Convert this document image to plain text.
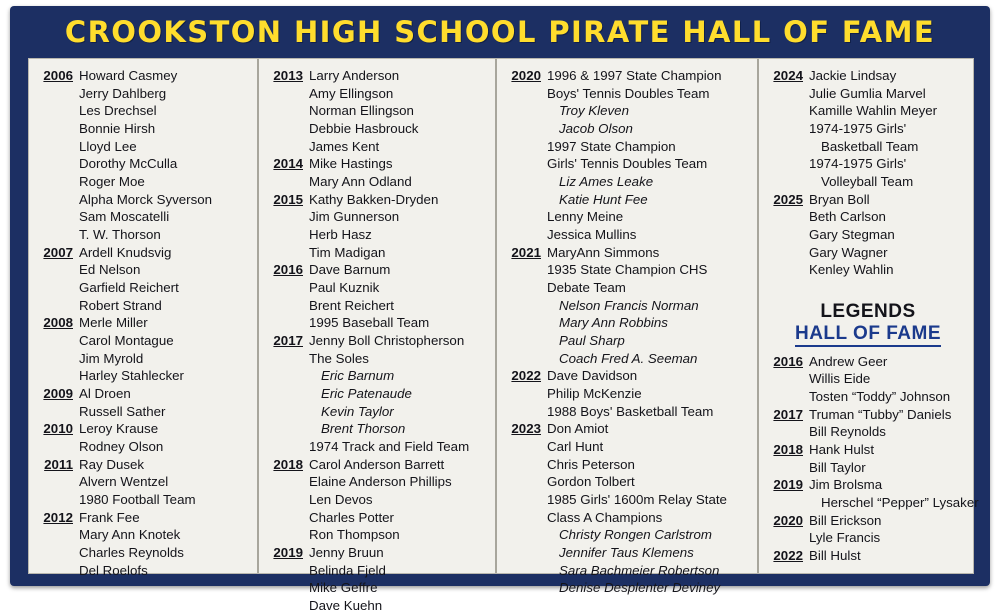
CROOKSTON HIGH SCHOOL PIRATE HALL OF FAME
2006 Howard Casmey
Jerry Dahlberg
Les Drechsel
Bonnie Hirsh
Lloyd Lee
Dorothy McCulla
Roger Moe
Alpha Morck Syverson
Sam Moscatelli
T. W. Thorson
2007 Ardell Knudsvig
Ed Nelson
Garfield Reichert
Robert Strand
2008 Merle Miller
Carol Montague
Jim Myrold
Harley Stahlecker
2009 Al Droen
Russell Sather
2010 Leroy Krause
Rodney Olson
2011 Ray Dusek
Alvern Wentzel
1980 Football Team
2012 Frank Fee
Mary Ann Knotek
Charles Reynolds
Del Roelofs
2013 Larry Anderson
Amy Ellingson
Norman Ellingson
Debbie Hasbrouck
James Kent
2014 Mike Hastings
Mary Ann Odland
2015 Kathy Bakken-Dryden
Jim Gunnerson
Herb Hasz
Tim Madigan
2016 Dave Barnum
Paul Kuznik
Brent Reichert
1995 Baseball Team
2017 Jenny Boll Christopherson
The Soles
Eric Barnum
Eric Patenaude
Kevin Taylor
Brent Thorson
1974 Track and Field Team
2018 Carol Anderson Barrett
Elaine Anderson Phillips
Len Devos
Charles Potter
Ron Thompson
2019 Jenny Bruun
Belinda Fjeld
Mike Geffre
Dave Kuehn
2020 1996 & 1997 State Champion
Boys' Tennis Doubles Team
Troy Kleven
Jacob Olson
1997 State Champion
Girls' Tennis Doubles Team
Liz Ames Leake
Katie Hunt Fee
Lenny Meine
Jessica Mullins
2021 MaryAnn Simmons
1935 State Champion CHS
Debate Team
Nelson Francis Norman
Mary Ann Robbins
Paul Sharp
Coach Fred A. Seeman
2022 Dave Davidson
Philip McKenzie
1988 Boys' Basketball Team
2023 Don Amiot
Carl Hunt
Chris Peterson
Gordon Tolbert
1985 Girls' 1600m Relay State
Class A Champions
Christy Rongen Carlstrom
Jennifer Taus Klemens
Sara Bachmeier Robertson
Denise Desplenter Deviney
2024 Jackie Lindsay
Julie Gumlia Marvel
Kamille Wahlin Meyer
1974-1975 Girls'
Basketball Team
1974-1975 Girls'
Volleyball Team
2025 Bryan Boll
Beth Carlson
Gary Stegman
Gary Wagner
Kenley Wahlin
LEGENDS
HALL OF FAME
2016 Andrew Geer
Willis Eide
Tosten “Toddy” Johnson
2017 Truman “Tubby” Daniels
Bill Reynolds
2018 Hank Hulst
Bill Taylor
2019 Jim Brolsma
Herschel “Pepper” Lysaker
2020 Bill Erickson
Lyle Francis
2022 Bill Hulst
